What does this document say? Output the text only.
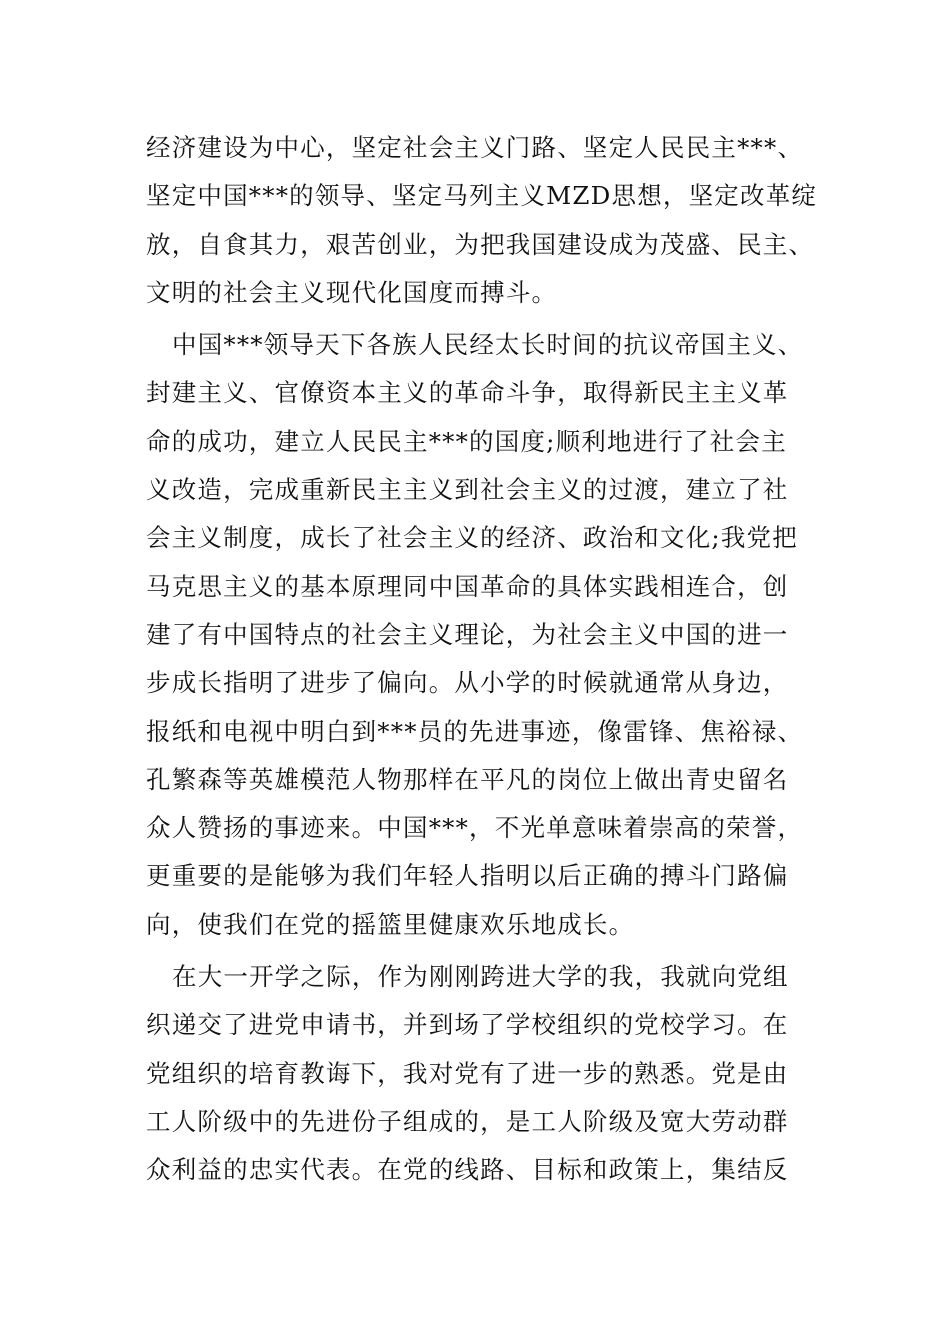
经济建设为中心，坚定社会主义门路、坚定人民民主***、
坚定中国***的领导、坚定马列主义MZD思想，坚定改革绽
放，自食其力，艰苦创业，为把我国建设成为茂盛、民主、
文明的社会主义现代化国度而搏斗。
中国***领导天下各族人民经太长时间的抗议帝国主义、
封建主义、官僚资本主义的革命斗争，取得新民主主义革
命的成功，建立人民民主***的国度;顺利地进行了社会主
义改造，完成重新民主主义到社会主义的过渡，建立了社
会主义制度，成长了社会主义的经济、政治和文化;我党把
马克思主义的基本原理同中国革命的具体实践相连合，创
建了有中国特点的社会主义理论，为社会主义中国的进一
步成长指明了进步了偏向。从小学的时候就通常从身边，
报纸和电视中明白到***员的先进事迹，像雷锋、焦裕禄、
孔繁森等英雄模范人物那样在平凡的岗位上做出青史留名
众人赞扬的事迹来。中国***，不光单意味着崇高的荣誉，
更重要的是能够为我们年轻人指明以后正确的搏斗门路偏
向，使我们在党的摇篮里健康欢乐地成长。
在大一开学之际，作为刚刚跨进大学的我，我就向党组
织递交了进党申请书，并到场了学校组织的党校学习。在
党组织的培育教诲下，我对党有了进一步的熟悉。党是由
工人阶级中的先进份子组成的，是工人阶级及宽大劳动群
众利益的忠实代表。在党的线路、目标和政策上，集结反
